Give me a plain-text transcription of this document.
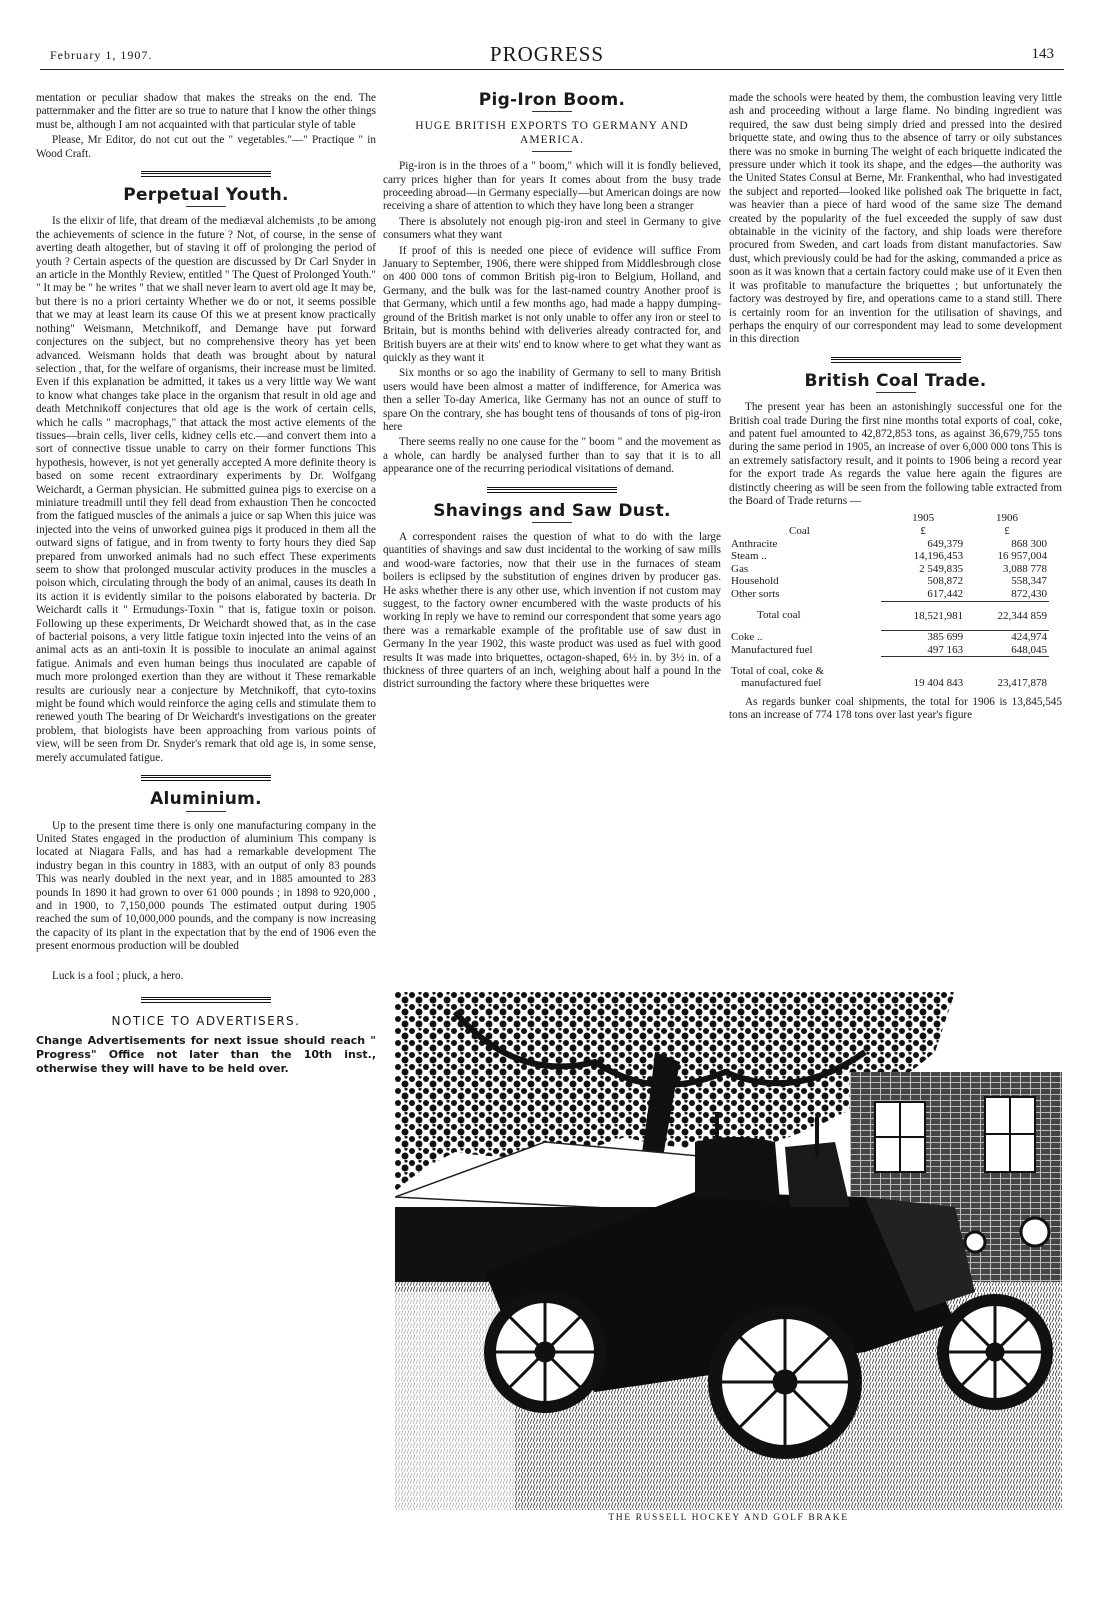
February 1, 1907.	PROGRESS	143

mentation or peculiar shadow that makes the streaks on the end. The patternmaker and the fitter are so true to nature that I know the other things must be, although I am not acquainted with that particular style of table

Please, Mr Editor, do not cut out the " vegetables."—" Practique " in Wood Craft.

Perpetual Youth.

Is the elixir of life, that dream of the mediæval alchemists ,to be among the achievements of science in the future ? Not, of course, in the sense of averting death altogether, but of staving it off of prolonging the period of youth ? Certain aspects of the question are discussed by Dr Carl Snyder in an article in the Monthly Review, entitled " The Quest of Prolonged Youth." " It may be " he writes " that we shall never learn to avert old age It may be, but there is no a priori certainty Whether we do or not, it seems possible that we may at least learn its cause Of this we at present know practically nothing" Weismann, Metchnikoff, and Demange have put forward conjectures on the subject, but no comprehensive theory has yet been advanced. Weismann holds that death was brought about by natural selection , that, for the welfare of organisms, their increase must be limited. Even if this explanation be admitted, it takes us a very little way We want to know what changes take place in the organism that result in old age and death Metchnikoff conjectures that old age is the work of certain cells, which he calls " macrophags," that attack the most active elements of the tissues—brain cells, liver cells, kidney cells etc.—and convert them into a sort of connective tissue unable to carry on their former functions This hypothesis, however, is not yet generally accepted A more definite theory is based on some recent extraordinary experiments by Dr. Wolfgang Weichardt, a German physician. He submitted guinea pigs to exercise on a miniature treadmill until they fell dead from exhaustion Then he concocted from the fatigued muscles of the animals a juice or sap When this juice was injected into the veins of unworked guinea pigs it produced in them all the outward signs of fatigue, and in from twenty to forty hours they died Sap prepared from unworked animals had no such effect These experiments seem to show that prolonged muscular activity produces in the muscles a poison which, circulating through the body of an animal, causes its death In its action it is evidently similar to the poisons elaborated by bacteria. Dr Weichardt calls it " Ermudungs-Toxin " that is, fatigue toxin or poison. Following up these experiments, Dr Weichardt showed that, as in the case of bacterial poisons, a very little fatigue toxin injected into the veins of an animal acts as an anti-toxin It is possible to inoculate an animal against fatigue. Animals and even human beings thus inoculated are capable of much more prolonged exertion than they are without it These remarkable results are curiously near a conjecture by Metchnikoff, that cyto-toxins might be found which would reinforce the aging cells and stimulate them to renewed youth The bearing of Dr Weichardt's investigations on the greater problem, that biologists have been approaching from various points of view, will be seen from Dr. Snyder's remark that old age is, in some sense, merely accumulated fatigue.

Aluminium.

Up to the present time there is only one manufacturing company in the United States engaged in the production of aluminium This company is located at Niagara Falls, and has had a remarkable development The industry began in this country in 1883, with an output of only 83 pounds This was nearly doubled in the next year, and in 1885 amounted to 283 pounds In 1890 it had grown to over 61 000 pounds ; in 1898 to 920,000 , and in 1900, to 7,150,000 pounds The estimated output during 1905 reached the sum of 10,000,000 pounds, and the company is now increasing the capacity of its plant in the expectation that by the end of 1906 even the present enormous production will be doubled

Luck is a fool ; pluck, a hero.

NOTICE TO ADVERTISERS.
Change Advertisements for next issue should reach " Progress" Office not later than the 10th inst., otherwise they will have to be held over.
Pig-Iron Boom.
HUGE BRITISH EXPORTS TO GERMANY AND AMERICA.

Pig-iron is in the throes of a " boom," which will it is fondly believed, carry prices higher than for years It comes about from the busy trade proceeding abroad—in Germany especially—but American doings are now receiving a share of attention to which they have long been a stranger

There is absolutely not enough pig-iron and steel in Germany to give consumers what they want

If proof of this is needed one piece of evidence will suffice From January to September, 1906, there were shipped from Middlesbrough close on 400 000 tons of common British pig-iron to Belgium, Holland, and Germany, and the bulk was for the last-named country Another proof is that Germany, which until a few months ago, had made a happy dumping-ground of the British market is not only unable to offer any iron or steel to Britain, but is months behind with deliveries already contracted for, and British buyers are at their wits' end to know where to get what they want as quickly as they want it

Six months or so ago the inability of Germany to sell to many British users would have been almost a matter of indifference, for America was then a seller To-day America, like Germany has not an ounce of stuff to spare On the contrary, she has bought tens of thousands of tons of pig-iron here

There seems really no one cause for the " boom " and the movement as a whole, can hardly be analysed further than to say that it is to all appearance one of the recurring periodical visitations of demand.

Shavings and Saw Dust.

A correspondent raises the question of what to do with the large quantities of shavings and saw dust incidental to the working of saw mills and wood-ware factories, now that their use in the furnaces of steam boilers is eclipsed by the substitution of engines driven by producer gas. He asks whether there is any other use, which invention if not custom may suggest, to the factory owner encumbered with the waste products of his working In reply we have to remind our correspondent that some years ago there was a remarkable example of the profitable use of saw dust in Germany In the year 1902, this waste product was used as fuel with good results It was made into briquettes, octagon-shaped, 6½ in. by 3½ in. of a thickness of three quarters of an inch, weighing about half a pound In the district surrounding the factory where these briquettes were

made the schools were heated by them, the combustion leaving very little ash and proceeding without a large flame. No binding ingredient was required, the saw dust being simply dried and pressed into the desired briquette state, and owing thus to the absence of tarry or oily substances there was no smoke in burning The weight of each briquette indicated the pressure under which it took its shape, and the edges—the authority was the United States Consul at Berne, Mr. Frankenthal, who had investigated the subject and reported—looked like polished oak The briquette in fact, was heavier than a piece of hard wood of the same size The demand created by the popularity of the fuel exceeded the supply of saw dust obtainable in the vicinity of the factory, and ship loads were therefore procured from Sweden, and cart loads from distant manufactories. Saw dust, which previously could be had for the asking, commanded a price as soon as it was known that a certain factory could make use of it Even then it was profitable to manufacture the briquettes ; but unfortunately the factory was destroyed by fire, and operations came to a stand still. There is certainly room for an invention for the utilisation of shavings, and perhaps the enquiry of our correspondent may lead to some development in this direction

British Coal Trade.

The present year has been an astonishingly successful one for the British coal trade During the first nine months total exports of coal, coke, and patent fuel amounted to 42,872,853 tons, as against 36,679,755 tons during the same period in 1905, an increase of over 6,000 000 tons This is an extremely satisfactory result, and it points to 1906 being a record year for the export trade As regards the value here again the figures are distinctly cheering as will be seen from the following table extracted from the Board of Trade returns —

	1905	1906
Coal	£	£
Anthracite	649,379	868 300
Steam ..	14,196,453	16 957,004
Gas	2 549,835	3,088 778
Household	508,872	558,347
Other sorts	617,442	872,430
Total coal	18,521,981	22,344 859
Coke ..	385 699	424,974
Manufactured fuel	497 163	648,045
Total of coal, coke &
manufactured fuel	19 404 843	23,417,878

As regards bunker coal shipments, the total for 1906 is 13,845,545 tons an increase of 774 178 tons over last year's figure

THE RUSSELL HOCKEY AND GOLF BRAKE
